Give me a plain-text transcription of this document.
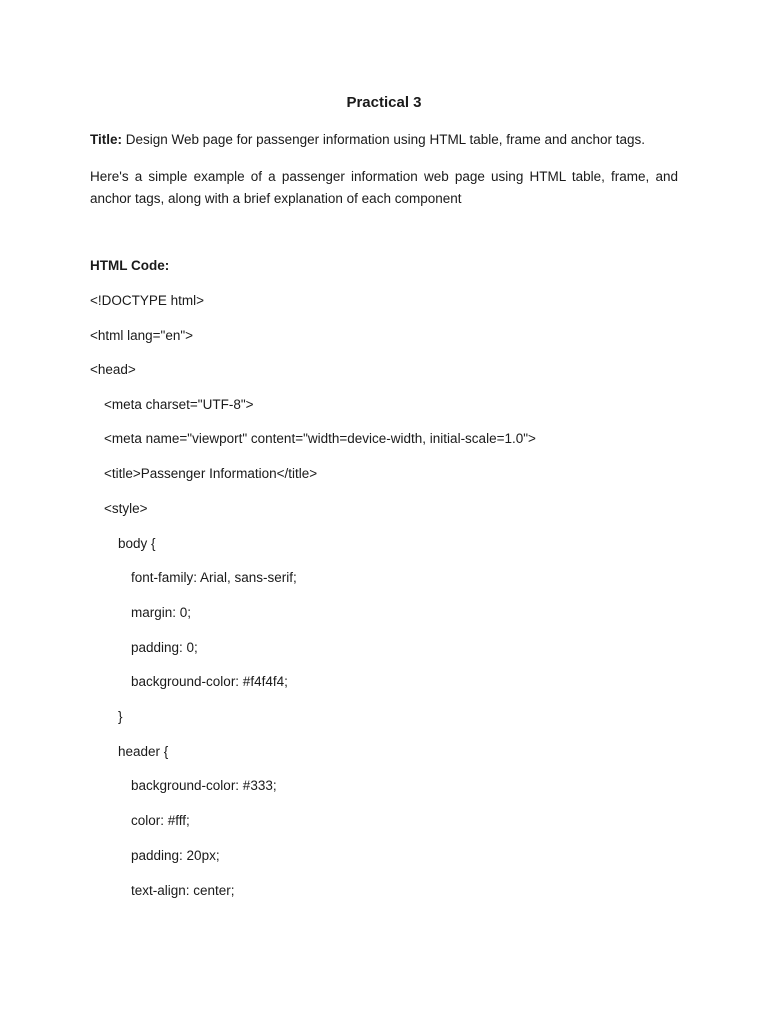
Practical 3
Title: Design Web page for passenger information using HTML table, frame and anchor tags.
Here's a simple example of a passenger information web page using HTML table, frame, and anchor tags, along with a brief explanation of each component
HTML Code:
<!DOCTYPE html>
<html lang="en">
<head>
<meta charset="UTF-8">
<meta name="viewport" content="width=device-width, initial-scale=1.0">
<title>Passenger Information</title>
<style>
body {
font-family: Arial, sans-serif;
margin: 0;
padding: 0;
background-color: #f4f4f4;
}
header {
background-color: #333;
color: #fff;
padding: 20px;
text-align: center;
